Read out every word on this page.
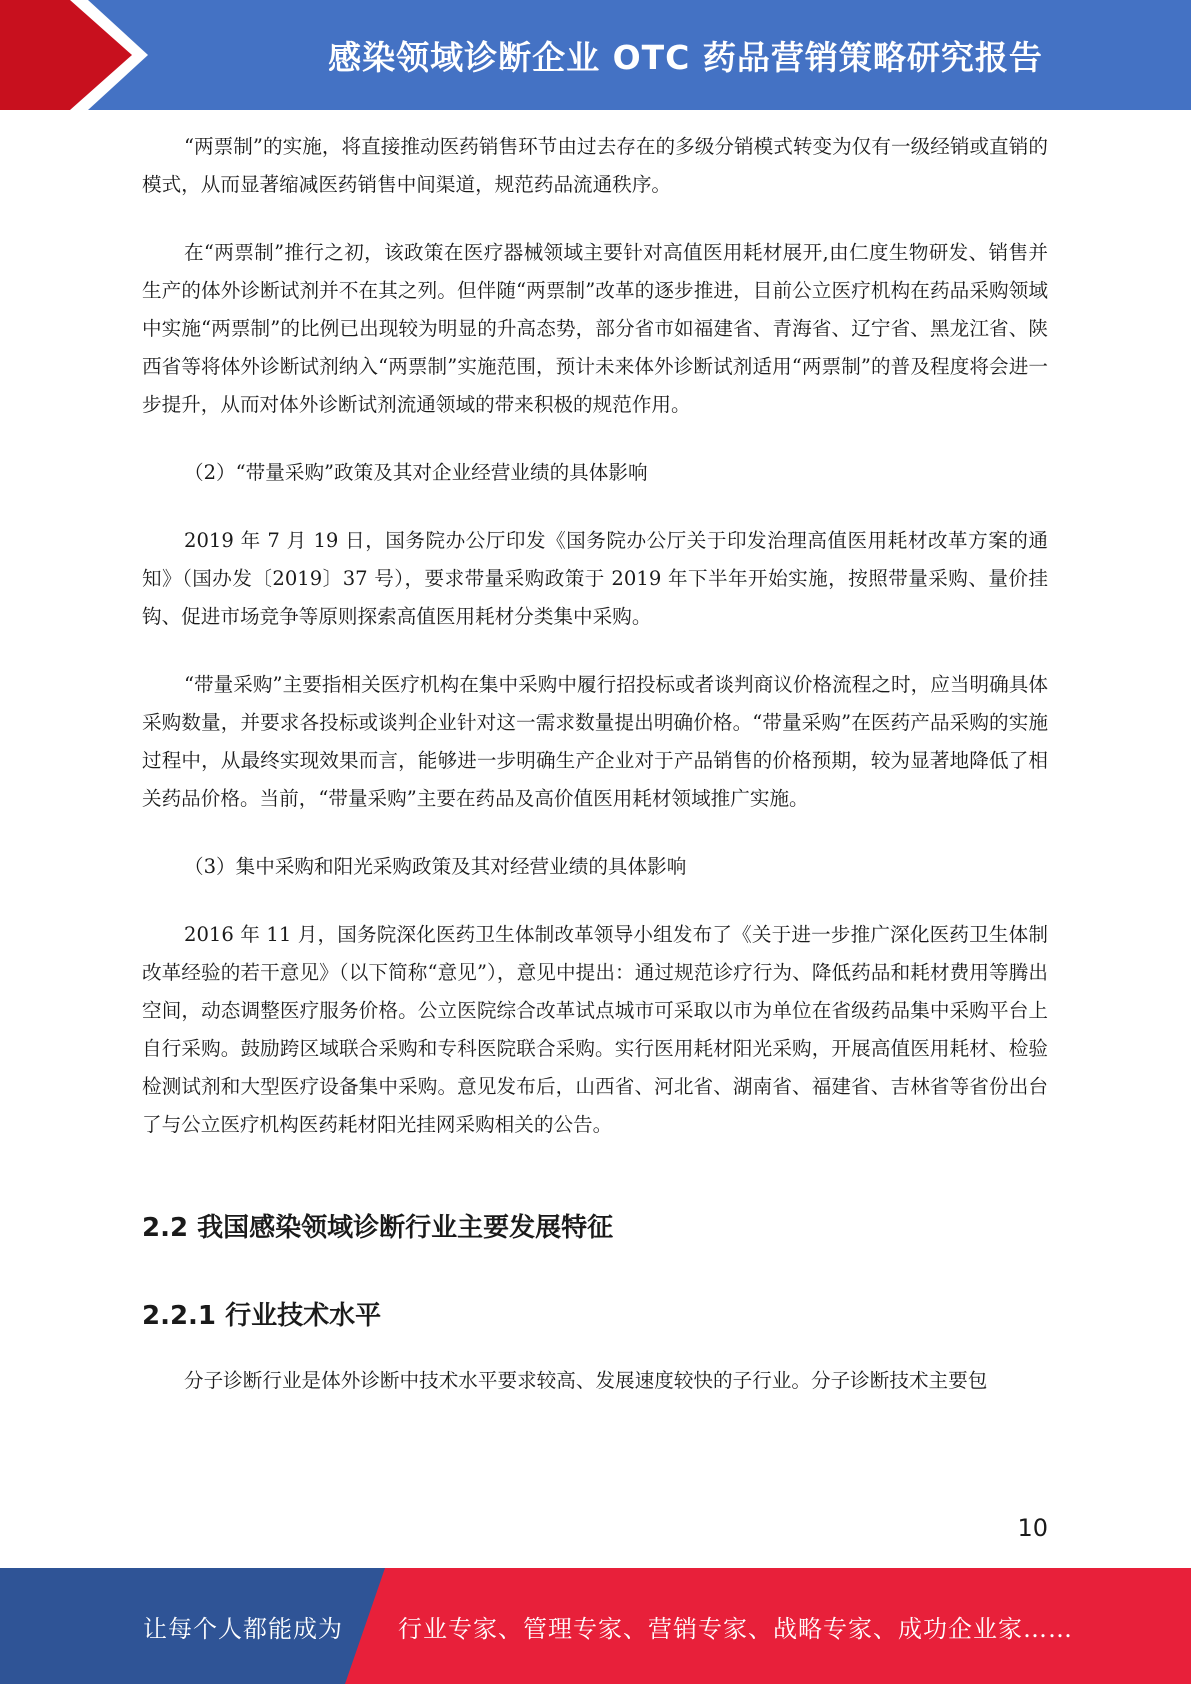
感染领域诊断企业 OTC 药品营销策略研究报告

“两票制”的实施，将直接推动医药销售环节由过去存在的多级分销模式转变为仅有一级经销或直销的模式，从而显著缩减医药销售中间渠道，规范药品流通秩序。

在“两票制”推行之初，该政策在医疗器械领域主要针对高值医用耗材展开,由仁度生物研发、销售并生产的体外诊断试剂并不在其之列。但伴随“两票制”改革的逐步推进，目前公立医疗机构在药品采购领域中实施“两票制”的比例已出现较为明显的升高态势，部分省市如福建省、青海省、辽宁省、黑龙江省、陕西省等将体外诊断试剂纳入“两票制”实施范围，预计未来体外诊断试剂适用“两票制”的普及程度将会进一步提升，从而对体外诊断试剂流通领域的带来积极的规范作用。

（2）“带量采购”政策及其对企业经营业绩的具体影响

2019 年 7 月 19 日，国务院办公厅印发《国务院办公厅关于印发治理高值医用耗材改革方案的通知》（国办发〔2019〕37 号），要求带量采购政策于 2019 年下半年开始实施，按照带量采购、量价挂钩、促进市场竞争等原则探索高值医用耗材分类集中采购。

“带量采购”主要指相关医疗机构在集中采购中履行招投标或者谈判商议价格流程之时，应当明确具体采购数量，并要求各投标或谈判企业针对这一需求数量提出明确价格。“带量采购”在医药产品采购的实施过程中，从最终实现效果而言，能够进一步明确生产企业对于产品销售的价格预期，较为显著地降低了相关药品价格。当前，“带量采购”主要在药品及高价值医用耗材领域推广实施。

（3）集中采购和阳光采购政策及其对经营业绩的具体影响

2016 年 11 月，国务院深化医药卫生体制改革领导小组发布了《关于进一步推广深化医药卫生体制改革经验的若干意见》（以下简称“意见”），意见中提出：通过规范诊疗行为、降低药品和耗材费用等腾出空间，动态调整医疗服务价格。公立医院综合改革试点城市可采取以市为单位在省级药品集中采购平台上自行采购。鼓励跨区域联合采购和专科医院联合采购。实行医用耗材阳光采购，开展高值医用耗材、检验检测试剂和大型医疗设备集中采购。意见发布后，山西省、河北省、湖南省、福建省、吉林省等省份出台了与公立医疗机构医药耗材阳光挂网采购相关的公告。

2.2 我国感染领域诊断行业主要发展特征
2.2.1 行业技术水平

分子诊断行业是体外诊断中技术水平要求较高、发展速度较快的子行业。分子诊断技术主要包

10
让每个人都能成为 行业专家、管理专家、营销专家、战略专家、成功企业家……
